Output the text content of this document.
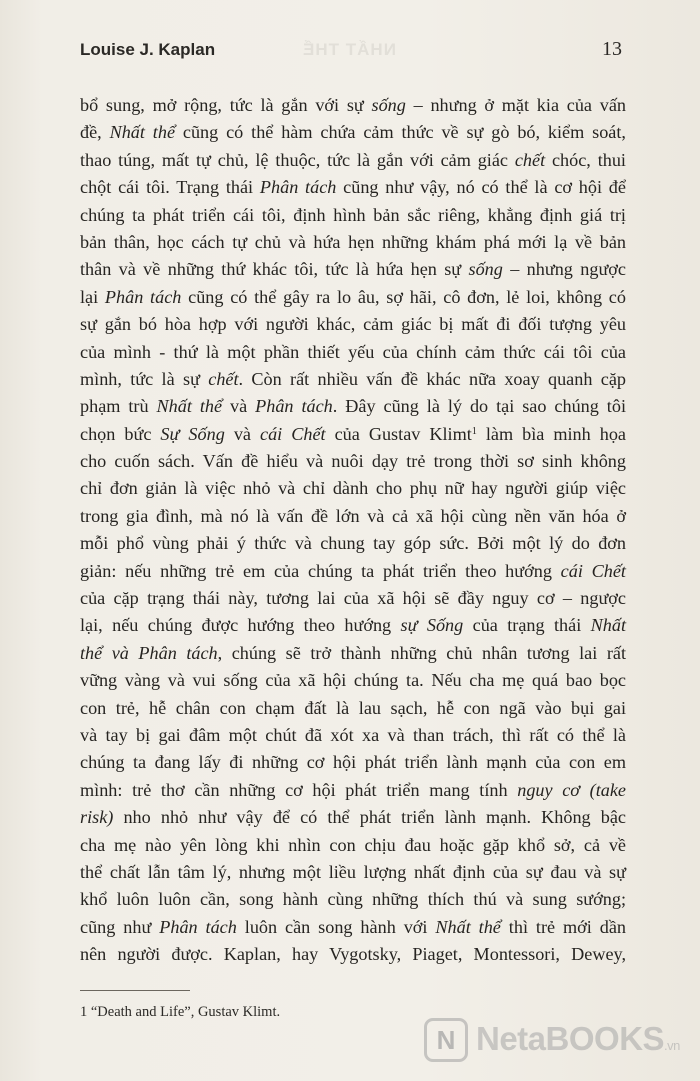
Louise J. Kaplan	NHẤT THỂ	13
bổ sung, mở rộng, tức là gắn với sự sống – nhưng ở mặt kia của vấn
đề, Nhất thể cũng có thể hàm chứa cảm thức về sự gò bó, kiểm soát,
thao túng, mất tự chủ, lệ thuộc, tức là gắn với cảm giác chết chóc, thui
chột cái tôi. Trạng thái Phân tách cũng như vậy, nó có thể là cơ hội để
chúng ta phát triển cái tôi, định hình bản sắc riêng, khẳng định giá trị
bản thân, học cách tự chủ và hứa hẹn những khám phá mới lạ về bản
thân và về những thứ khác tôi, tức là hứa hẹn sự sống – nhưng ngược
lại Phân tách cũng có thể gây ra lo âu, sợ hãi, cô đơn, lẻ loi, không có
sự gắn bó hòa hợp với người khác, cảm giác bị mất đi đối tượng yêu
của mình - thứ là một phần thiết yếu của chính cảm thức cái tôi của
mình, tức là sự chết. Còn rất nhiều vấn đề khác nữa xoay quanh cặp
phạm trù Nhất thể và Phân tách. Đây cũng là lý do tại sao chúng tôi
chọn bức Sự Sống và cái Chết của Gustav Klimt$^1$ làm bìa minh họa
cho cuốn sách. Vấn đề hiểu và nuôi dạy trẻ trong thời sơ sinh không
chỉ đơn giản là việc nhỏ và chỉ dành cho phụ nữ hay người giúp việc
trong gia đình, mà nó là vấn đề lớn và cả xã hội cùng nền văn hóa ở
mỗi phổ vùng phải ý thức và chung tay góp sức. Bởi một lý do đơn
giản: nếu những trẻ em của chúng ta phát triển theo hướng cái Chết
của cặp trạng thái này, tương lai của xã hội sẽ đầy nguy cơ – ngược
lại, nếu chúng được hướng theo hướng sự Sống của trạng thái Nhất
thể và Phân tách, chúng sẽ trở thành những chủ nhân tương lai rất
vững vàng và vui sống của xã hội chúng ta. Nếu cha mẹ quá bao bọc
con trẻ, hễ chân con chạm đất là lau sạch, hễ con ngã vào bụi gai
và tay bị gai đâm một chút đã xót xa và than trách, thì rất có thể là
chúng ta đang lấy đi những cơ hội phát triển lành mạnh của con em
mình: trẻ thơ cần những cơ hội phát triển mang tính nguy cơ (take
risk) nho nhỏ như vậy để có thể phát triển lành mạnh. Không bậc
cha mẹ nào yên lòng khi nhìn con chịu đau hoặc gặp khổ sở, cả về
thể chất lẫn tâm lý, nhưng một liều lượng nhất định của sự đau và sự
khổ luôn luôn cần, song hành cùng những thích thú và sung sướng;
cũng như Phân tách luôn cần song hành với Nhất thể thì trẻ mới dần
nên người được. Kaplan, hay Vygotsky, Piaget, Montessori, Dewey,
1 “Death and Life”, Gustav Klimt.
N NetaBOOKS.vn
